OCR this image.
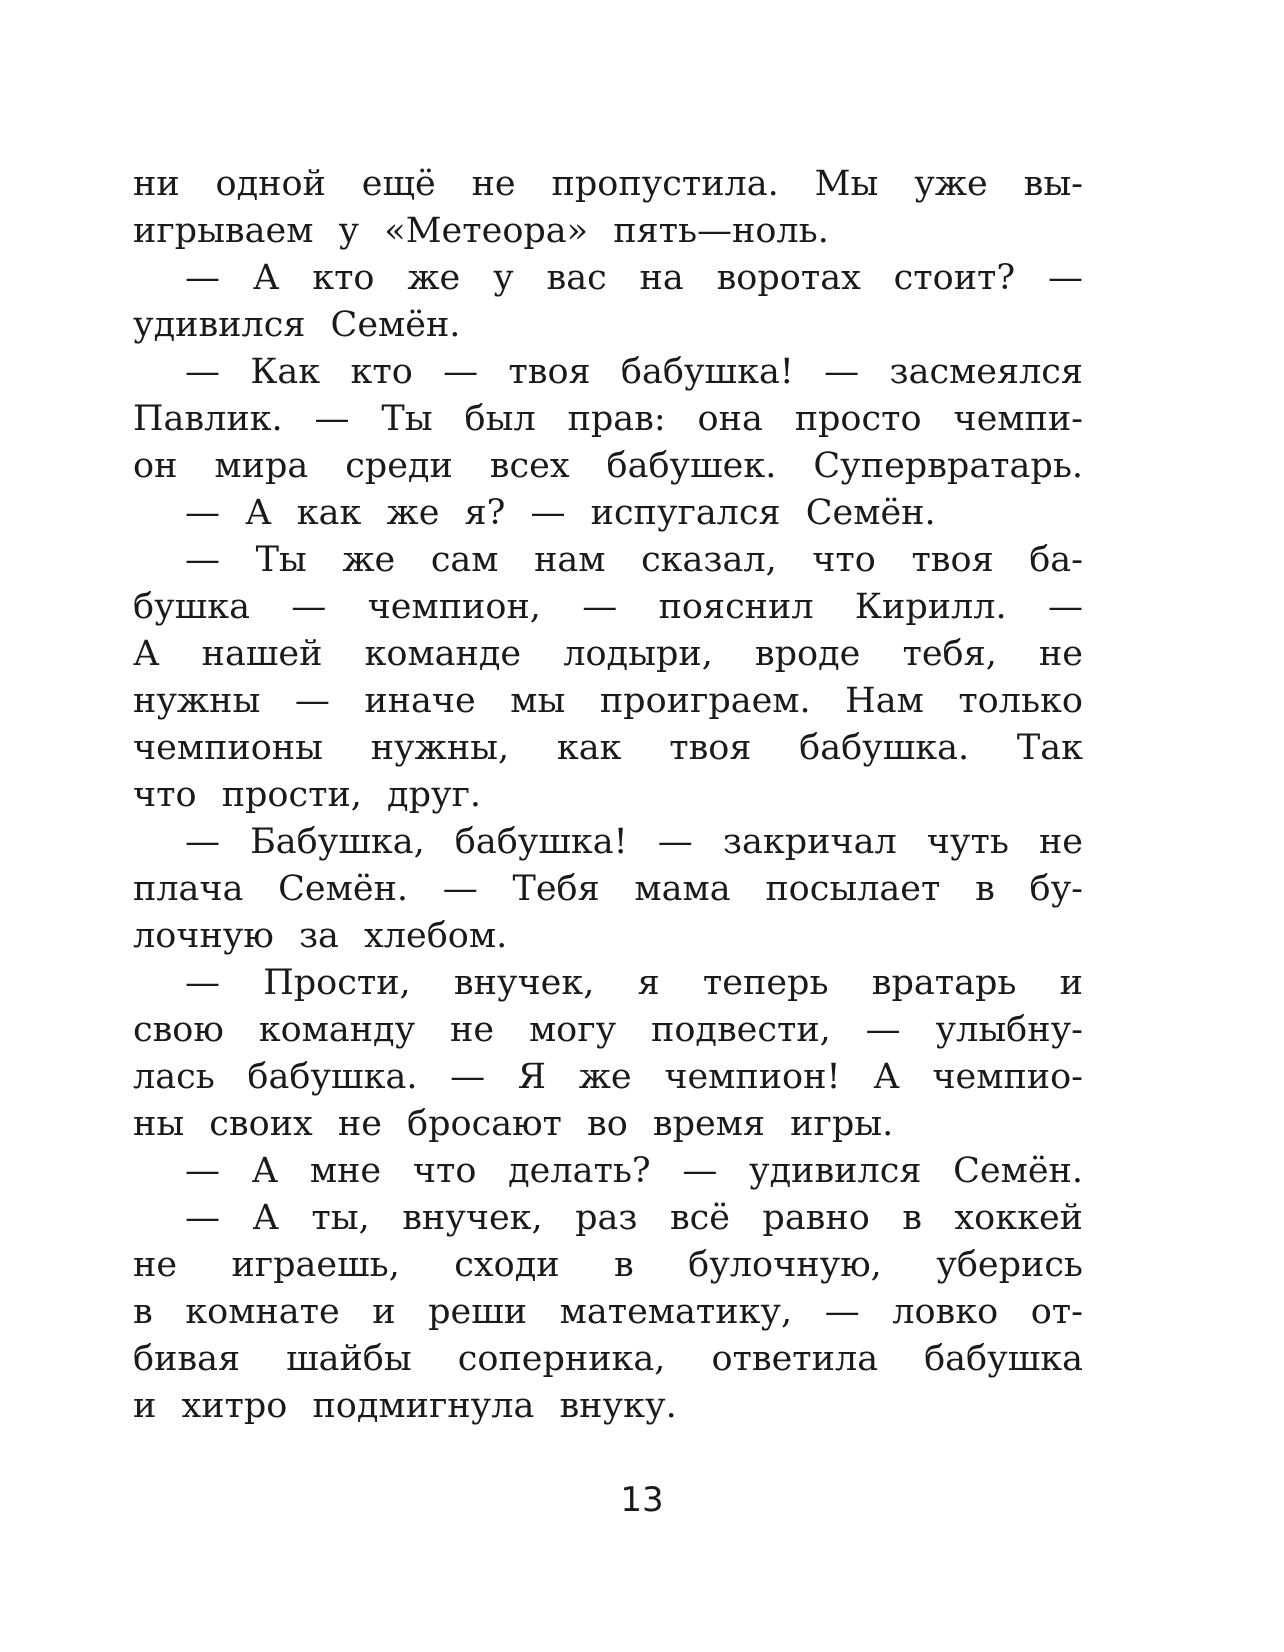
ни одной ещё не пропустила. Мы уже вы-
игрываем у «Метеора» пять—ноль.
— А кто же у вас на воротах стоит? —
удивился Семён.
— Как кто — твоя бабушка! — засмеялся
Павлик. — Ты был прав: она просто чемпи-
он мира среди всех бабушек. Супервратарь.
— А как же я? — испугался Семён.
— Ты же сам нам сказал, что твоя ба-
бушка — чемпион, — пояснил Кирилл. —
А нашей команде лодыри, вроде тебя, не
нужны — иначе мы проиграем. Нам только
чемпионы нужны, как твоя бабушка. Так
что прости, друг.
— Бабушка, бабушка! — закричал чуть не
плача Семён. — Тебя мама посылает в бу-
лочную за хлебом.
— Прости, внучек, я теперь вратарь и
свою команду не могу подвести, — улыбну-
лась бабушка. — Я же чемпион! А чемпио-
ны своих не бросают во время игры.
— А мне что делать? — удивился Семён.
— А ты, внучек, раз всё равно в хоккей
не играешь, сходи в булочную, уберись
в комнате и реши математику, — ловко от-
бивая шайбы соперника, ответила бабушка
и хитро подмигнула внуку.
13
